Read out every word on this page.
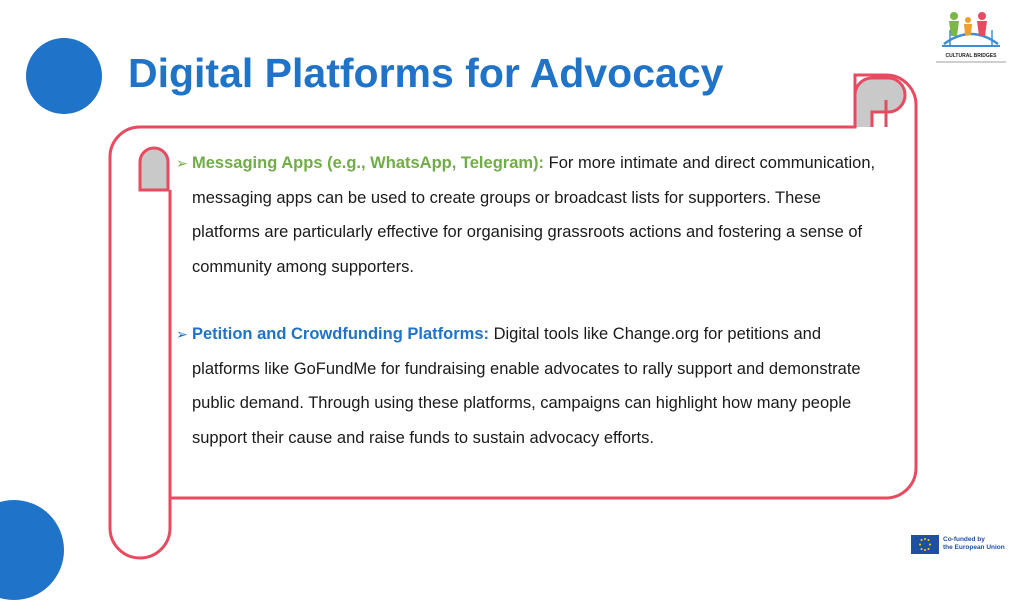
Digital Platforms for Advocacy	CULTURAL BRIDGES

➢ Messaging Apps (e.g., WhatsApp, Telegram): For more intimate and direct communication, messaging apps can be used to create groups or broadcast lists for supporters. These platforms are particularly effective for organising grassroots actions and fostering a sense of community among supporters.

➢ Petition and Crowdfunding Platforms: Digital tools like Change.org for petitions and platforms like GoFundMe for fundraising enable advocates to rally support and demonstrate public demand. Through using these platforms, campaigns can highlight how many people support their cause and raise funds to sustain advocacy efforts.

Co-funded by
the European Union
